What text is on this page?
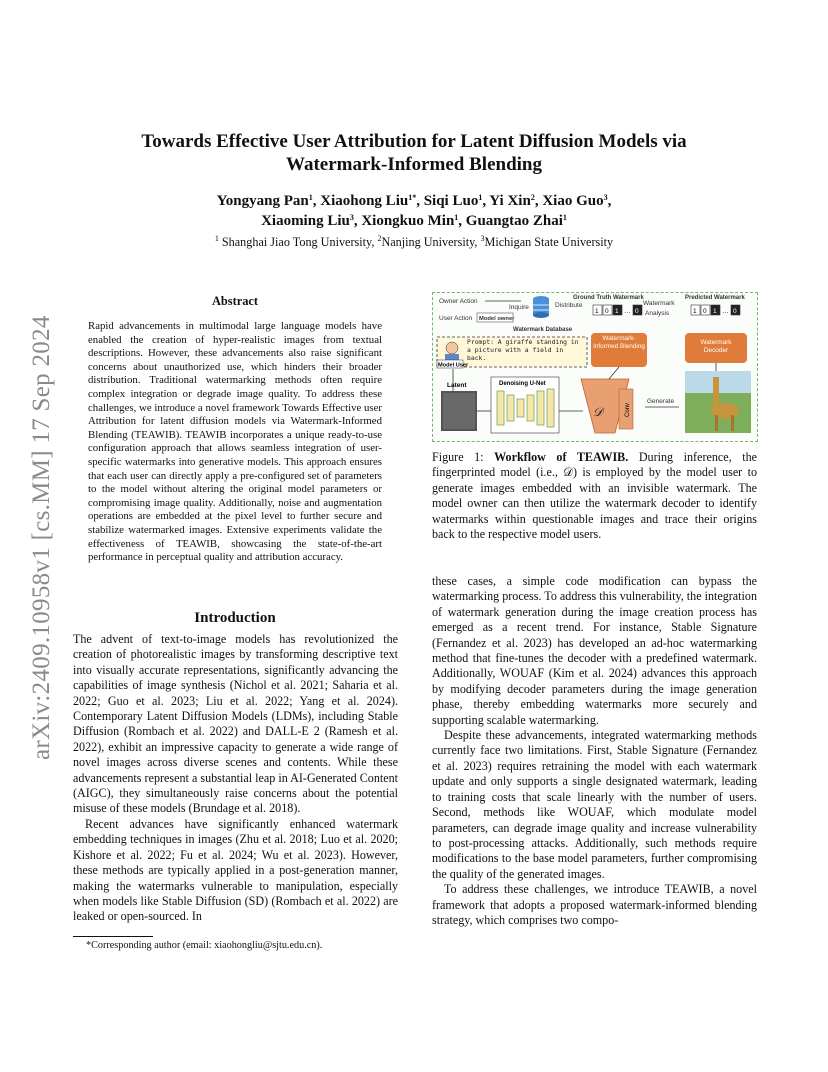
arXiv:2409.10958v1 [cs.MM] 17 Sep 2024
Towards Effective User Attribution for Latent Diffusion Models via
Watermark-Informed Blending
Yongyang Pan$^1$, Xiaohong Liu$^{1*}$, Siqi Luo$^1$, Yi Xin$^2$, Xiao Guo$^3$,
Xiaoming Liu$^3$, Xiongkuo Min$^1$, Guangtao Zhai$^1$
$^1$ Shanghai Jiao Tong University, $^2$Nanjing University, $^3$Michigan State University
Abstract
Rapid advancements in multimodal large language models have enabled the creation of hyper-realistic images from textual descriptions. However, these advancements also raise significant concerns about unauthorized use, which hinders their broader distribution. Traditional watermarking methods often require complex integration or degrade image quality. To address these challenges, we introduce a novel framework Towards Effective user Attribution for latent diffusion models via Watermark-Informed Blending (TEAWIB). TEAWIB incorporates a unique ready-to-use configuration approach that allows seamless integration of user-specific watermarks into generative models. This approach ensures that each user can directly apply a pre-configured set of parameters to the model without altering the original model parameters or compromising image quality. Additionally, noise and augmentation operations are embedded at the pixel level to further secure and stabilize watermarked images. Extensive experiments validate the effectiveness of TEAWIB, showcasing the state-of-the-art performance in perceptual quality and attribution accuracy.
Introduction

The advent of text-to-image models has revolutionized the creation of photorealistic images by transforming descriptive text into visually accurate representations, significantly advancing the capabilities of image synthesis (Nichol et al. 2021; Saharia et al. 2022; Guo et al. 2023; Liu et al. 2022; Yang et al. 2024). Contemporary Latent Diffusion Models (LDMs), including Stable Diffusion (Rombach et al. 2022) and DALL-E 2 (Ramesh et al. 2022), exhibit an impressive capacity to generate a wide range of novel images across diverse scenes and contents. While these advancements represent a substantial leap in AI-Generated Content (AIGC), they simultaneously raise concerns about the potential misuse of these models (Brundage et al. 2018).

Recent advances have significantly enhanced watermark embedding techniques in images (Zhu et al. 2018; Luo et al. 2020; Kishore et al. 2022; Fu et al. 2024; Wu et al. 2023). However, these methods are typically applied in a post-generation manner, making the watermarks vulnerable to manipulation, especially when models like Stable Diffusion (SD) (Rombach et al. 2022) are leaked or open-sourced. In

*Corresponding author (email: xiaohongliu@sjtu.edu.cn).
Owner Action
User Action
Inquire
Model owner
Distribute
Ground Truth Watermark
Watermark
Analysis
Predicted Watermark
Watermark Database
1 0 1 … 0	1 0 1 … 0
Prompt: A giraffe standing in a picture with a field in back.
Model User
Watermark-Informed Blending
Watermark Decoder
Latent	Denoising U-Net
𝒟	Conv
Generate
Figure 1: Workflow of TEAWIB. During inference, the fingerprinted model (i.e., 𝒟) is employed by the model user to generate images embedded with an invisible watermark. The model owner can then utilize the watermark decoder to identify watermarks within questionable images and trace their origins back to the respective model users.

these cases, a simple code modification can bypass the watermarking process. To address this vulnerability, the integration of watermark generation during the image creation process has emerged as a recent trend. For instance, Stable Signature (Fernandez et al. 2023) has developed an ad-hoc watermarking method that fine-tunes the decoder with a predefined watermark. Additionally, WOUAF (Kim et al. 2024) advances this approach by modifying decoder parameters during the image generation phase, thereby embedding watermarks more securely and supporting scalable watermarking.

Despite these advancements, integrated watermarking methods currently face two limitations. First, Stable Signature (Fernandez et al. 2023) requires retraining the model with each watermark update and only supports a single designated watermark, leading to training costs that scale linearly with the number of users. Second, methods like WOUAF, which modulate model parameters, can degrade image quality and increase vulnerability to post-processing attacks. Additionally, such methods require modifications to the base model parameters, further compromising the quality of the generated images.

To address these challenges, we introduce TEAWIB, a novel framework that adopts a proposed watermark-informed blending strategy, which comprises two compo-
